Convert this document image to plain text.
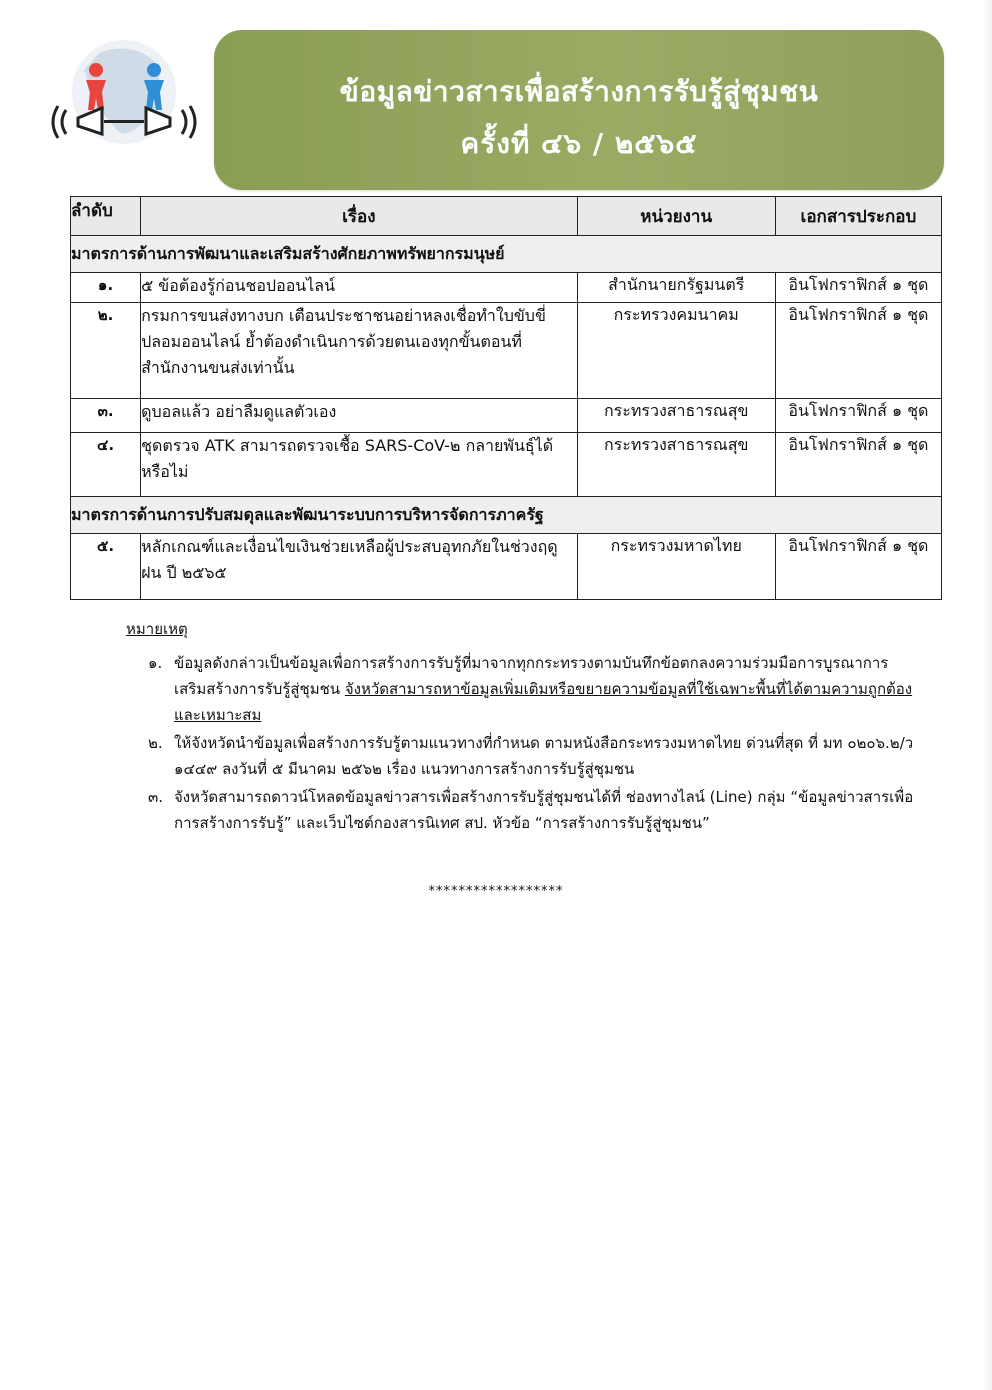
ข้อมูลข่าวสารเพื่อสร้างการรับรู้สู่ชุมชน
ครั้งที่ ๔๖ / ๒๕๖๕
ลำดับ	เรื่อง	หน่วยงาน	เอกสารประกอบ
มาตรการด้านการพัฒนาและเสริมสร้างศักยภาพทรัพยากรมนุษย์			
๑.	๕ ข้อต้องรู้ก่อนชอปออนไลน์	สำนักนายกรัฐมนตรี	อินโฟกราฟิกส์ ๑ ชุด
๒.	กรมการขนส่งทางบก เตือนประชาชนอย่าหลงเชื่อทำใบขับขี่ปลอมออนไลน์ ย้ำต้องดำเนินการด้วยตนเองทุกขั้นตอนที่สำนักงานขนส่งเท่านั้น	กระทรวงคมนาคม	อินโฟกราฟิกส์ ๑ ชุด
๓.	ดูบอลแล้ว อย่าลืมดูแลตัวเอง	กระทรวงสาธารณสุข	อินโฟกราฟิกส์ ๑ ชุด
๔.	ชุดตรวจ ATK สามารถตรวจเชื้อ SARS-CoV-๒ กลายพันธุ์ได้หรือไม่	กระทรวงสาธารณสุข	อินโฟกราฟิกส์ ๑ ชุด
มาตรการด้านการปรับสมดุลและพัฒนาระบบการบริหารจัดการภาครัฐ			
๕.	หลักเกณฑ์และเงื่อนไขเงินช่วยเหลือผู้ประสบอุทกภัยในช่วงฤดูฝน ปี ๒๕๖๕	กระทรวงมหาดไทย	อินโฟกราฟิกส์ ๑ ชุด
หมายเหตุ
๑. ข้อมูลดังกล่าวเป็นข้อมูลเพื่อการสร้างการรับรู้ที่มาจากทุกกระทรวงตามบันทึกข้อตกลงความร่วมมือการบูรณาการเสริมสร้างการรับรู้สู่ชุมชน จังหวัดสามารถหาข้อมูลเพิ่มเติมหรือขยายความข้อมูลที่ใช้เฉพาะพื้นที่ได้ตามความถูกต้องและเหมาะสม
๒. ให้จังหวัดนำข้อมูลเพื่อสร้างการรับรู้ตามแนวทางที่กำหนด ตามหนังสือกระทรวงมหาดไทย ด่วนที่สุด ที่ มท ๐๒๐๖.๒/ว ๑๔๔๙ ลงวันที่ ๕ มีนาคม ๒๕๖๒ เรื่อง แนวทางการสร้างการรับรู้สู่ชุมชน
๓. จังหวัดสามารถดาวน์โหลดข้อมูลข่าวสารเพื่อสร้างการรับรู้สู่ชุมชนได้ที่ ช่องทางไลน์ (Line) กลุ่ม “ข้อมูลข่าวสารเพื่อการสร้างการรับรู้” และเว็บไซต์กองสารนิเทศ สป. หัวข้อ “การสร้างการรับรู้สู่ชุมชน”
******************
